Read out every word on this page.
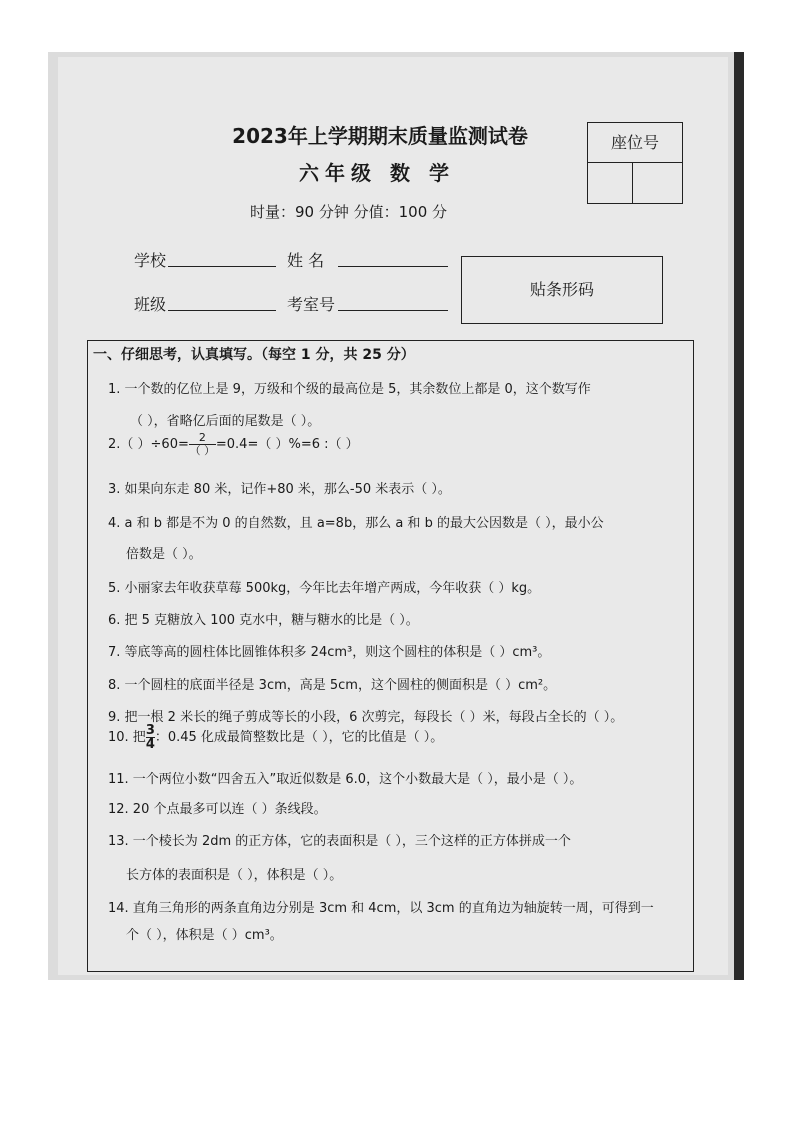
2023年上学期期末质量监测试卷
六年级 数 学
时量：90 分钟 分值：100 分
座位号
学校	姓 名
班级	考室号
贴条形码
一、仔细思考，认真填写。（每空 1 分，共 25 分）
1. 一个数的亿位上是 9，万级和个级的最高位是 5，其余数位上都是 0，这个数写作
（ ），省略亿后面的尾数是（ ）。
2.（ ）$\div 60= \frac{2}{( )} =0.4=$（ ）%=6 :（ ）
3. 如果向东走 80 米，记作+80 米，那么-50 米表示（ ）。
4. a 和 b 都是不为 0 的自然数，且 a=8b，那么 a 和 b 的最大公因数是（ ），最小公
倍数是（ ）。
5. 小丽家去年收获草莓 500kg，今年比去年增产两成，今年收获（ ）kg。
6. 把 5 克糖放入 100 克水中，糖与糖水的比是（ ）。
7. 等底等高的圆柱体比圆锥体积多 24cm³，则这个圆柱的体积是（ ）cm³。
8. 一个圆柱的底面半径是 3cm，高是 5cm，这个圆柱的侧面积是（ ）cm²。
9. 把一根 2 米长的绳子剪成等长的小段，6 次剪完，每段长（ ）米，每段占全长的（ ）。
10. 把 $\frac{3}{4}$：0.45 化成最简整数比是（ ），它的比值是（ ）。
11. 一个两位小数“四舍五入”取近似数是 6.0，这个小数最大是（ ），最小是（ ）。
12. 20 个点最多可以连（ ）条线段。
13. 一个棱长为 2dm 的正方体，它的表面积是（ ），三个这样的正方体拼成一个
长方体的表面积是（ ），体积是（ ）。
14. 直角三角形的两条直角边分别是 3cm 和 4cm，以 3cm 的直角边为轴旋转一周，可得到一
个（ ），体积是（ ）cm³。
